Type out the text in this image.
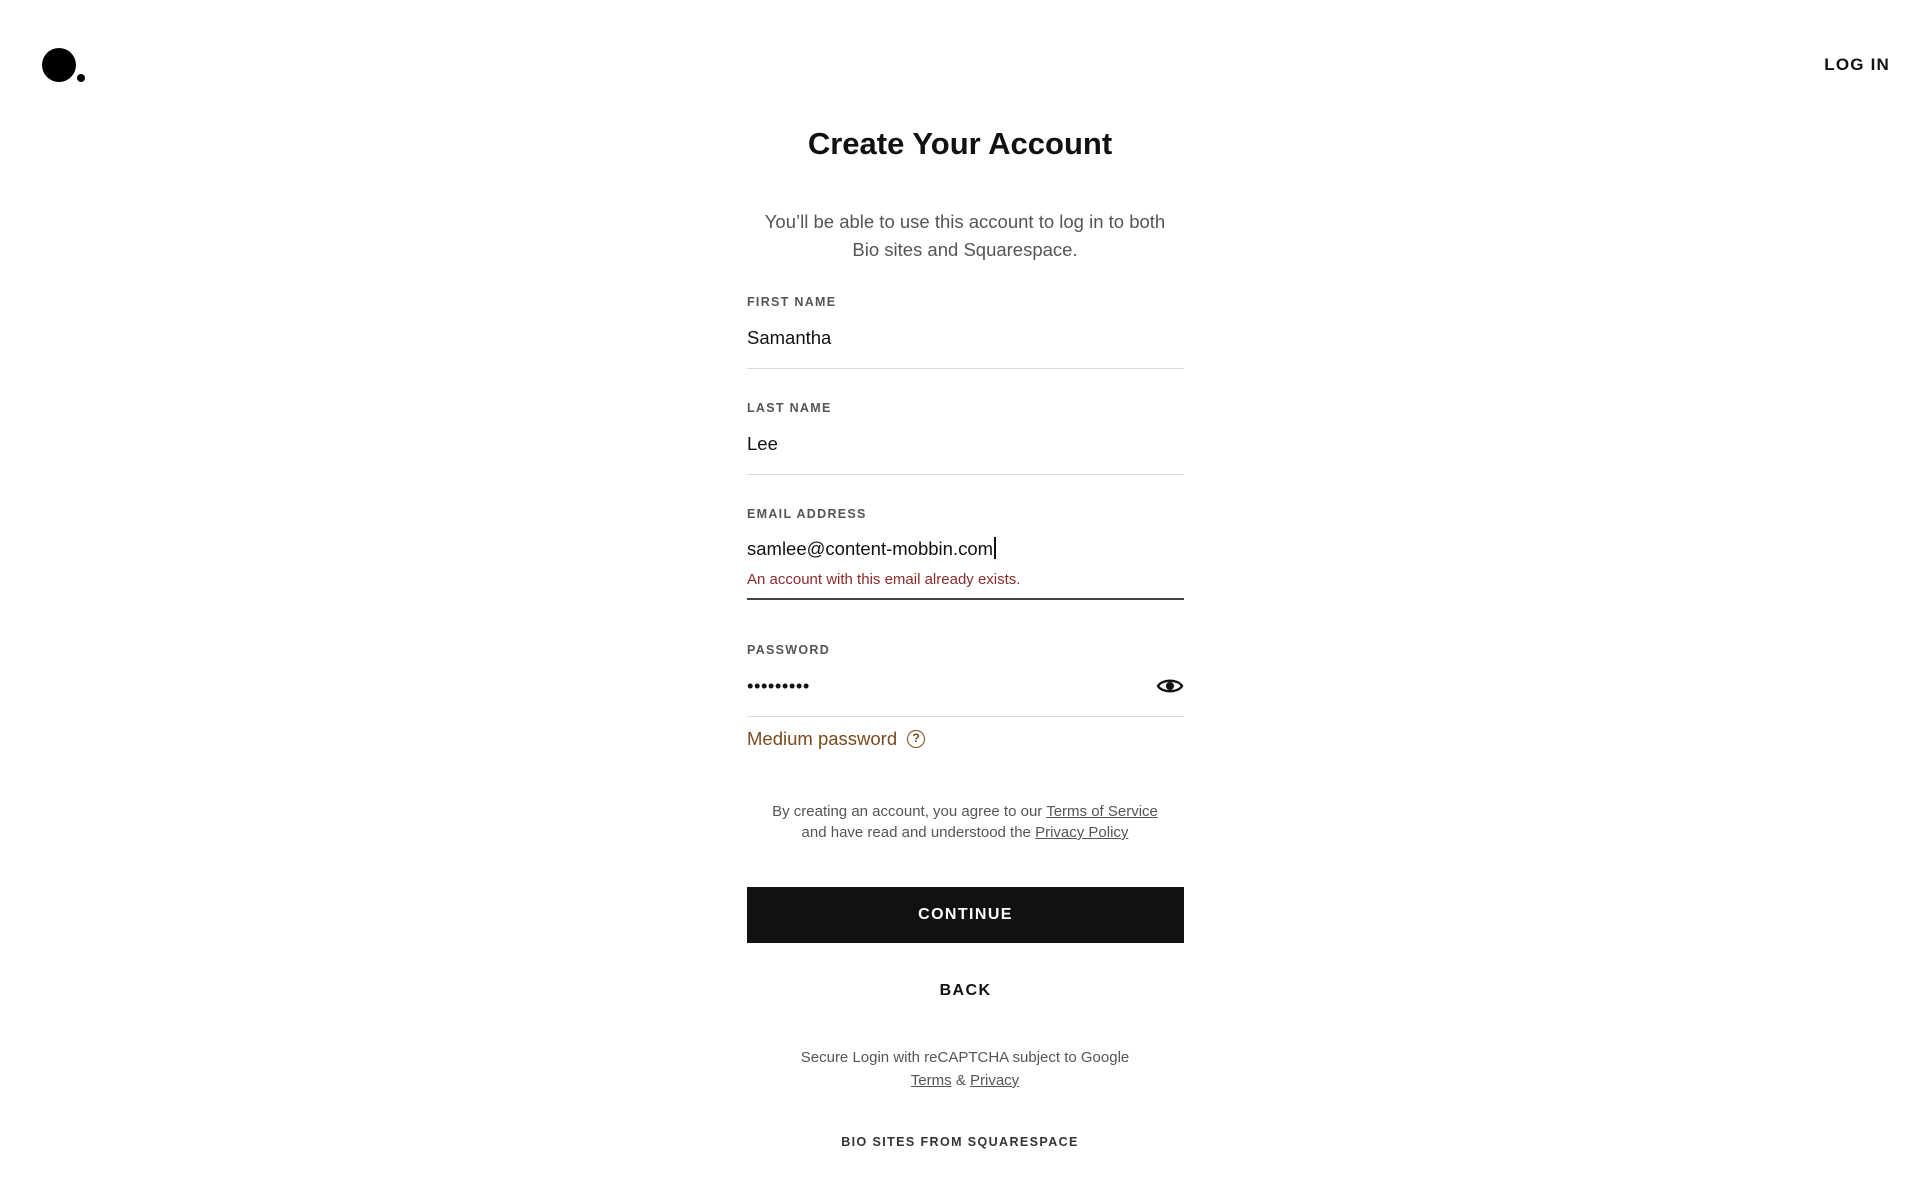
LOG IN
Create Your Account
You’ll be able to use this account to log in to both
Bio sites and Squarespace.
FIRST NAME
Samantha
LAST NAME
Lee
EMAIL ADDRESS
samlee@content-mobbin.com
An account with this email already exists.
PASSWORD
•••••••••
Medium password	?
By creating an account, you agree to our Terms of Service
and have read and understood the Privacy Policy
CONTINUE
BACK
Secure Login with reCAPTCHA subject to Google
Terms & Privacy
BIO SITES FROM SQUARESPACE
